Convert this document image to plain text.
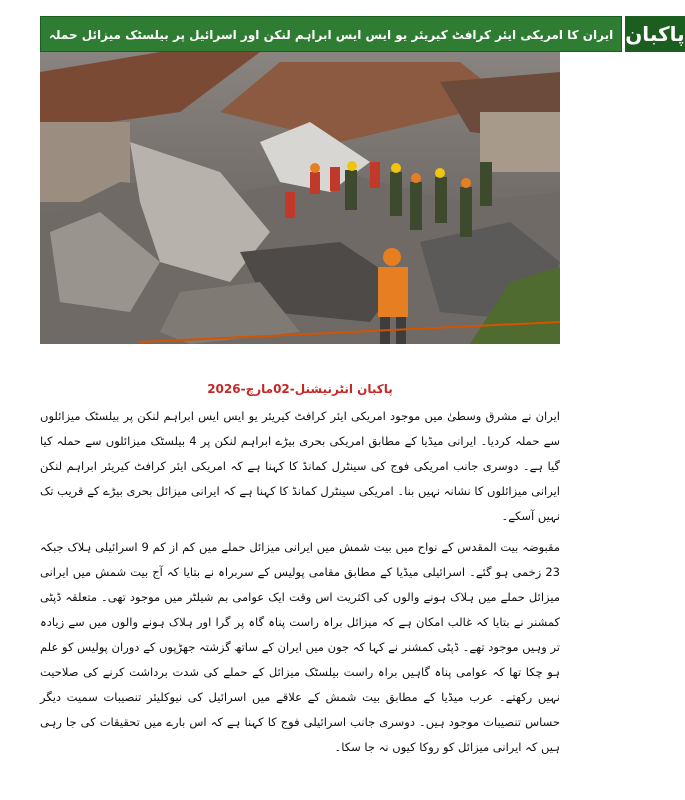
ایران کا امریکی ایئر کرافٹ کیریئر یو ایس ایس ابراہم لنکن اور اسرائیل پر بیلسٹک میزائل حملہ پاکبان
پاکبان انٹرنیشنل-02مارچ-2026

ایران نے مشرق وسطیٰ میں موجود امریکی ایئر کرافٹ کیریئر یو ایس ایس ابراہم لنکن پر بیلسٹک میزائلوں سے حملہ کردیا۔ ایرانی میڈیا کے مطابق امریکی بحری بیڑے ابراہم لنکن پر 4 بیلسٹک میزائلوں سے حملہ کیا گیا ہے۔ دوسری جانب امریکی فوج کی سینٹرل کمانڈ کا کہنا ہے کہ امریکی ایئر کرافٹ کیریئر ابراہم لنکن ایرانی میزائلوں کا نشانہ نہیں بنا۔ امریکی سینٹرل کمانڈ کا کہنا ہے کہ ایرانی میزائل بحری بیڑے کے قریب تک نہیں آسکے۔

مقبوضہ بیت المقدس کے نواح میں بیت شمش میں ایرانی میزائل حملے میں کم از کم 9 اسرائیلی ہلاک جبکہ 23 زخمی ہو گئے۔ اسرائیلی میڈیا کے مطابق مقامی پولیس کے سربراہ نے بتایا کہ آج بیت شمش میں ایرانی میزائل حملے میں ہلاک ہونے والوں کی اکثریت اس وقت ایک عوامی بم شیلٹر میں موجود تھی۔ متعلقہ ڈپٹی کمشنر نے بتایا کہ غالب امکان ہے کہ میزائل براہ راست پناہ گاہ پر گرا اور ہلاک ہونے والوں میں سے زیادہ تر وہیں موجود تھے۔ ڈپٹی کمشنر نے کہا کہ جون میں ایران کے ساتھ گزشتہ جھڑپوں کے دوران پولیس کو علم ہو چکا تھا کہ عوامی پناہ گاہیں براہ راست بیلسٹک میزائل کے حملے کی شدت برداشت کرنے کی صلاحیت نہیں رکھتے۔ عرب میڈیا کے مطابق بیت شمش کے علاقے میں اسرائیل کی نیوکلیئر تنصیبات سمیت دیگر حساس تنصیبات موجود ہیں۔ دوسری جانب اسرائیلی فوج کا کہنا ہے کہ اس بارے میں تحقیقات کی جا رہی ہیں کہ ایرانی میزائل کو روکا کیوں نہ جا سکا۔
